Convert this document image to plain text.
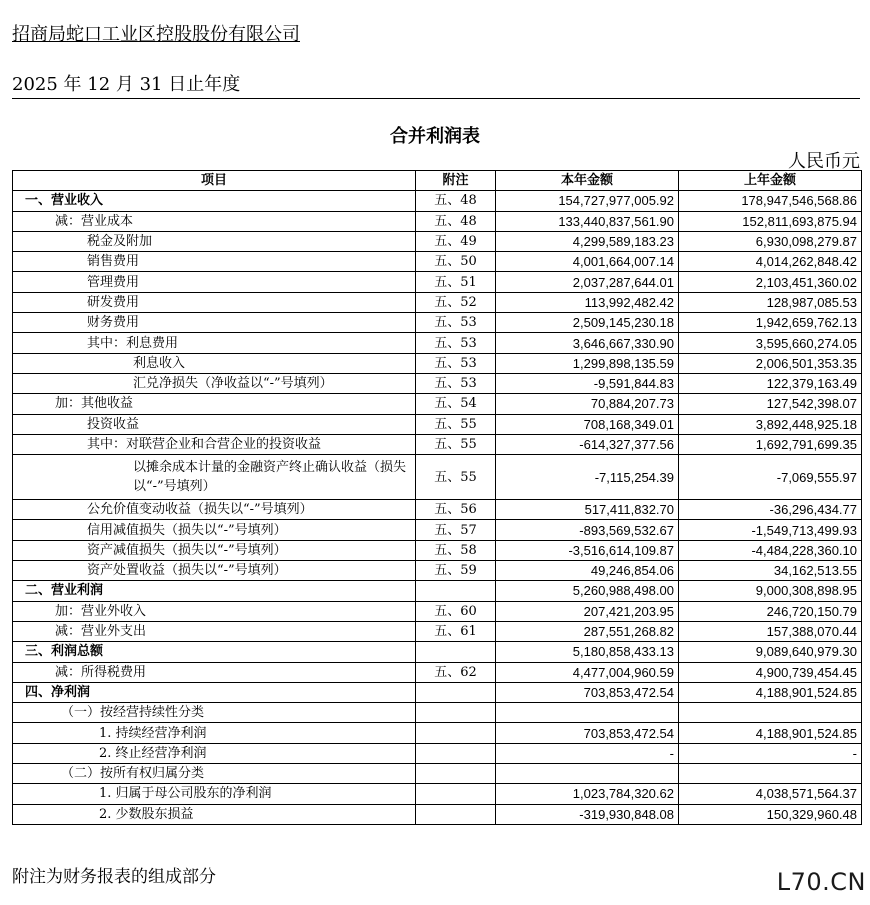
招商局蛇口工业区控股股份有限公司
2025 年 12 月 31 日止年度
合并利润表
人民币元
项目	附注	本年金额	上年金额
一、营业收入	五、48	154,727,977,005.92	178,947,546,568.86
减：营业成本	五、48	133,440,837,561.90	152,811,693,875.94
税金及附加	五、49	4,299,589,183.23	6,930,098,279.87
销售费用	五、50	4,001,664,007.14	4,014,262,848.42
管理费用	五、51	2,037,287,644.01	2,103,451,360.02
研发费用	五、52	113,992,482.42	128,987,085.53
财务费用	五、53	2,509,145,230.18	1,942,659,762.13
其中：利息费用	五、53	3,646,667,330.90	3,595,660,274.05
利息收入	五、53	1,299,898,135.59	2,006,501,353.35
汇兑净损失（净收益以“-”号填列）	五、53	-9,591,844.83	122,379,163.49
加：其他收益	五、54	70,884,207.73	127,542,398.07
投资收益	五、55	708,168,349.01	3,892,448,925.18
其中：对联营企业和合营企业的投资收益	五、55	-614,327,377.56	1,692,791,699.35
以摊余成本计量的金融资产终止确认收益（损失以“-”号填列）	五、55	-7,115,254.39	-7,069,555.97
公允价值变动收益（损失以“-”号填列）	五、56	517,411,832.70	-36,296,434.77
信用减值损失（损失以“-”号填列）	五、57	-893,569,532.67	-1,549,713,499.93
资产减值损失（损失以“-”号填列）	五、58	-3,516,614,109.87	-4,484,228,360.10
资产处置收益（损失以“-”号填列）	五、59	49,246,854.06	34,162,513.55
二、营业利润		5,260,988,498.00	9,000,308,898.95
加：营业外收入	五、60	207,421,203.95	246,720,150.79
减：营业外支出	五、61	287,551,268.82	157,388,070.44
三、利润总额		5,180,858,433.13	9,089,640,979.30
减：所得税费用	五、62	4,477,004,960.59	4,900,739,454.45
四、净利润		703,853,472.54	4,188,901,524.85
（一）按经营持续性分类			
1. 持续经营净利润		703,853,472.54	4,188,901,524.85
2. 终止经营净利润		-	-
（二）按所有权归属分类			
1. 归属于母公司股东的净利润		1,023,784,320.62	4,038,571,564.37
2. 少数股东损益		-319,930,848.08	150,329,960.48
附注为财务报表的组成部分	L70.CN
